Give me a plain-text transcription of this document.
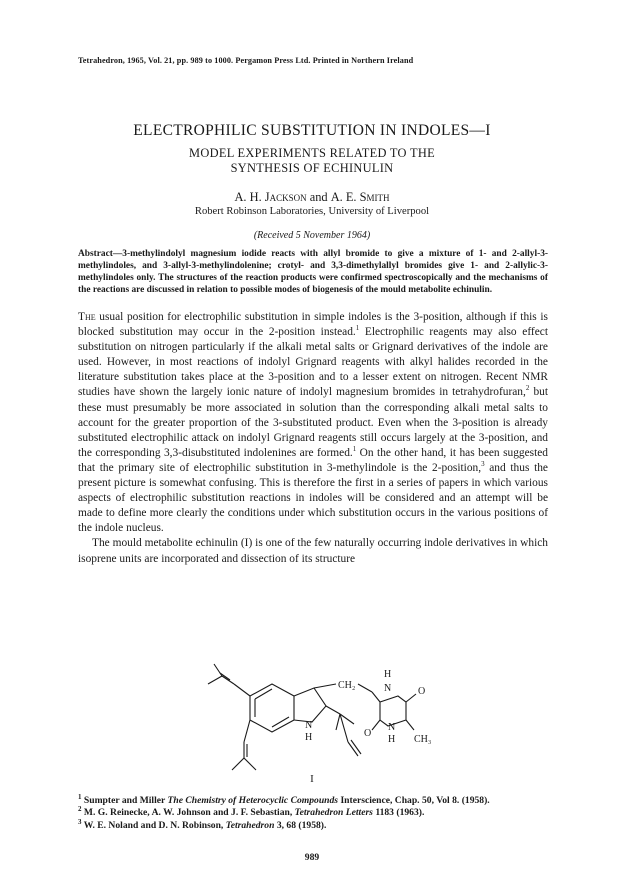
Tetrahedron, 1965, Vol. 21, pp. 989 to 1000. Pergamon Press Ltd. Printed in Northern Ireland
ELECTROPHILIC SUBSTITUTION IN INDOLES—I
MODEL EXPERIMENTS RELATED TO THE
SYNTHESIS OF ECHINULIN
A. H. Jackson and A. E. Smith
Robert Robinson Laboratories, University of Liverpool
(Received 5 November 1964)
Abstract—3-methylindolyl magnesium iodide reacts with allyl bromide to give a mixture of 1- and 2-allyl-3-methylindoles, and 3-allyl-3-methylindolenine; crotyl- and 3,3-dimethylallyl bromides give 1- and 2-allylic-3-methylindoles only. The structures of the reaction products were confirmed spectroscopically and the mechanisms of the reactions are discussed in relation to possible modes of biogenesis of the mould metabolite echinulin.

The usual position for electrophilic substitution in simple indoles is the 3-position, although if this is blocked substitution may occur in the 2-position instead.$^1$ Electrophilic reagents may also effect substitution on nitrogen particularly if the alkali metal salts or Grignard derivatives of the indole are used. However, in most reactions of indolyl Grignard reagents with alkyl halides recorded in the literature substitution takes place at the 3-position and to a lesser extent on nitrogen. Recent NMR studies have shown the largely ionic nature of indolyl magnesium bromides in tetrahydrofuran,$^2$ but these must presumably be more associated in solution than the corresponding alkali metal salts to account for the greater proportion of the 3-substituted product. Even when the 3-position is already substituted electrophilic attack on indolyl Grignard reagents still occurs largely at the 3-position, and the corresponding 3,3-disubstituted indolenines are formed.$^1$ On the other hand, it has been suggested that the primary site of electrophilic substitution in 3-methylindole is the 2-position,$^3$ and thus the present picture is somewhat confusing. This is therefore the first in a series of papers in which various aspects of electrophilic substitution reactions in indoles will be considered and an attempt will be made to define more clearly the conditions under which substitution occurs in the various positions of the indole nucleus.

The mould metabolite echinulin (I) is one of the few naturally occurring indole derivatives in which isoprene units are incorporated and dissection of its structure

CH₂
H
N	O
N
H	O
N
H CH₃
I
$^1$ Sumpter and Miller The Chemistry of Heterocyclic Compounds Interscience, Chap. 50, Vol 8. (1958).
$^2$ M. G. Reinecke, A. W. Johnson and J. F. Sebastian, Tetrahedron Letters 1183 (1963).
$^3$ W. E. Noland and D. N. Robinson, Tetrahedron 3, 68 (1958).
989
